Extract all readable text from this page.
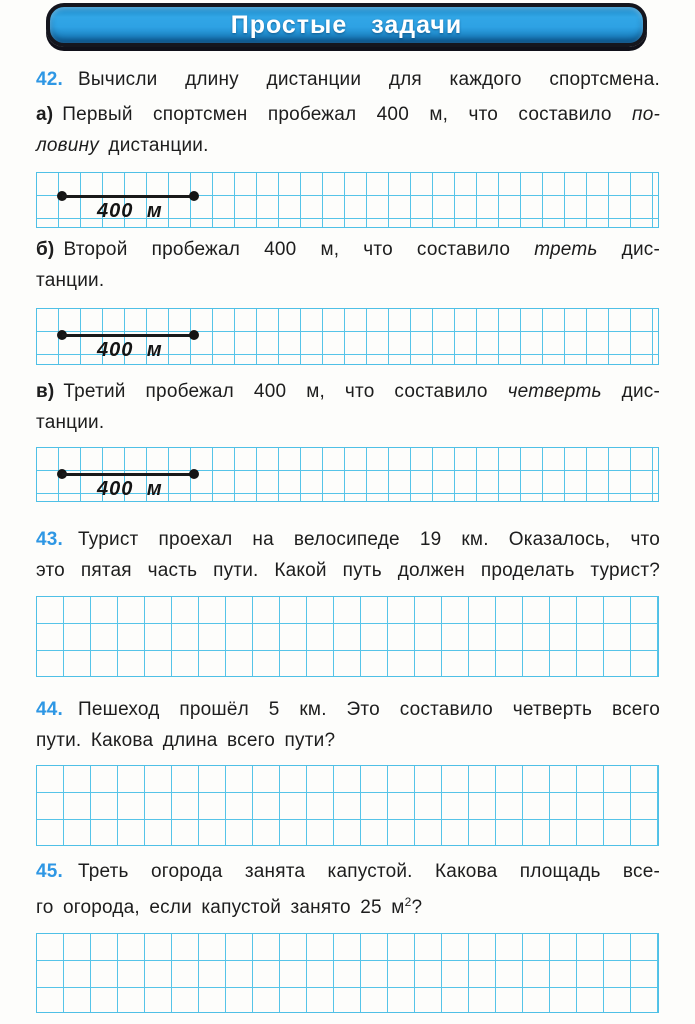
Простые задачи
42. Вычисли длину дистанции для каждого спортсмена.
а) Первый спортсмен пробежал 400 м, что составило по-
ловину дистанции.
400 м
б) Второй пробежал 400 м, что составило треть дис-
танции.
400 м
в) Третий пробежал 400 м, что составило четверть дис-
танции.
400 м
43. Турист проехал на велосипеде 19 км. Оказалось, что
это пятая часть пути. Какой путь должен проделать турист?
44. Пешеход прошёл 5 км. Это составило четверть всего
пути. Какова длина всего пути?
45. Треть огорода занята капустой. Какова площадь все-
го огорода, если капустой занято 25 $м^2$?
